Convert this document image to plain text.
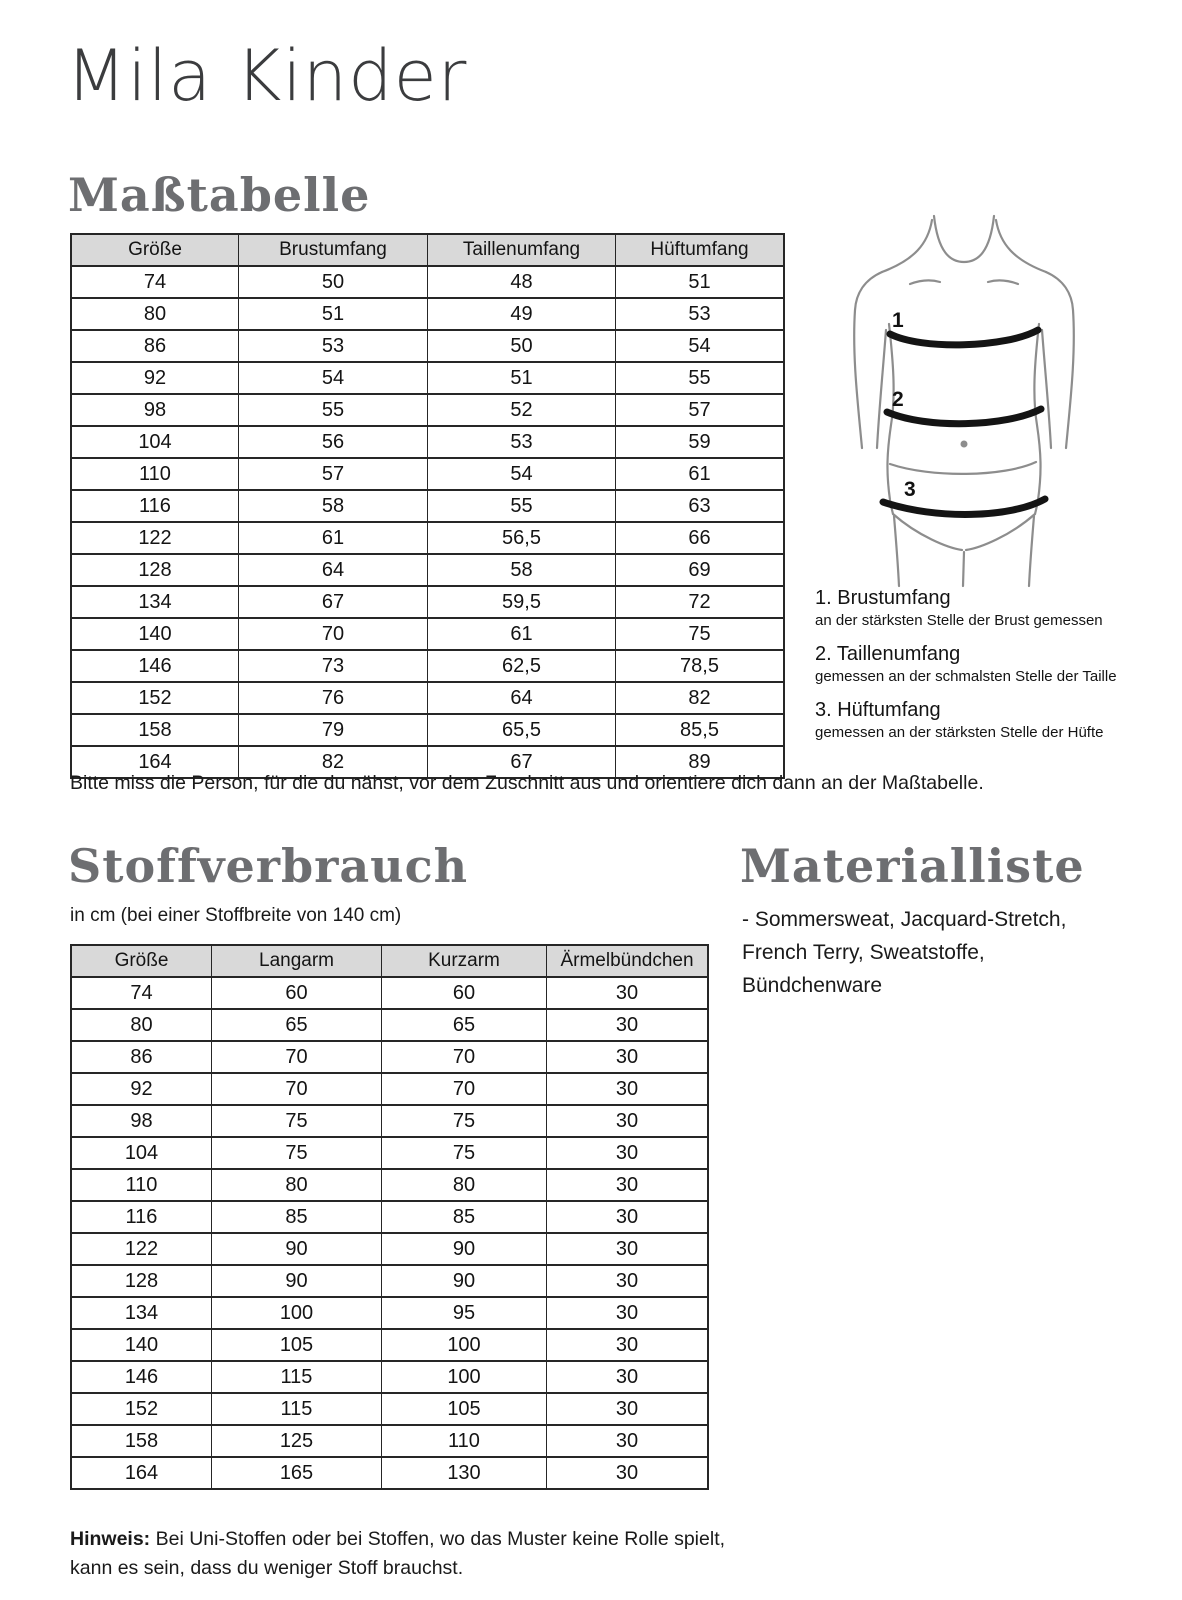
Mila Kinder
Maßtabelle
Größe	Brustumfang	Taillenumfang	Hüftumfang
74	50	48	51
80	51	49	53
86	53	50	54
92	54	51	55
98	55	52	57
104	56	53	59
110	57	54	61
116	58	55	63
122	61	56,5	66
128	64	58	69
134	67	59,5	72
140	70	61	75
146	73	62,5	78,5
152	76	64	82
158	79	65,5	85,5
164	82	67	89

Bitte miss die Person, für die du nähst, vor dem Zuschnitt aus und orientiere dich dann an der Maßtabelle.

1
2
3

1. Brustumfang

an der stärksten Stelle der Brust gemessen

2. Taillenumfang

gemessen an der schmalsten Stelle der Taille

3. Hüftumfang

gemessen an der stärksten Stelle der Hüfte

Stoffverbrauch

in cm (bei einer Stoffbreite von 140 cm)

Größe	Langarm	Kurzarm	Ärmelbündchen
74	60	60	30
80	65	65	30
86	70	70	30
92	70	70	30
98	75	75	30
104	75	75	30
110	80	80	30
116	85	85	30
122	90	90	30
128	90	90	30
134	100	95	30
140	105	100	30
146	115	100	30
152	115	105	30
158	125	110	30
164	165	130	30

Hinweis: Bei Uni-Stoffen oder bei Stoffen, wo das Muster keine Rolle spielt, kann es sein, dass du weniger Stoff brauchst.

Materialliste

- Sommersweat, Jacquard-Stretch, French Terry, Sweatstoffe, Bündchenware
